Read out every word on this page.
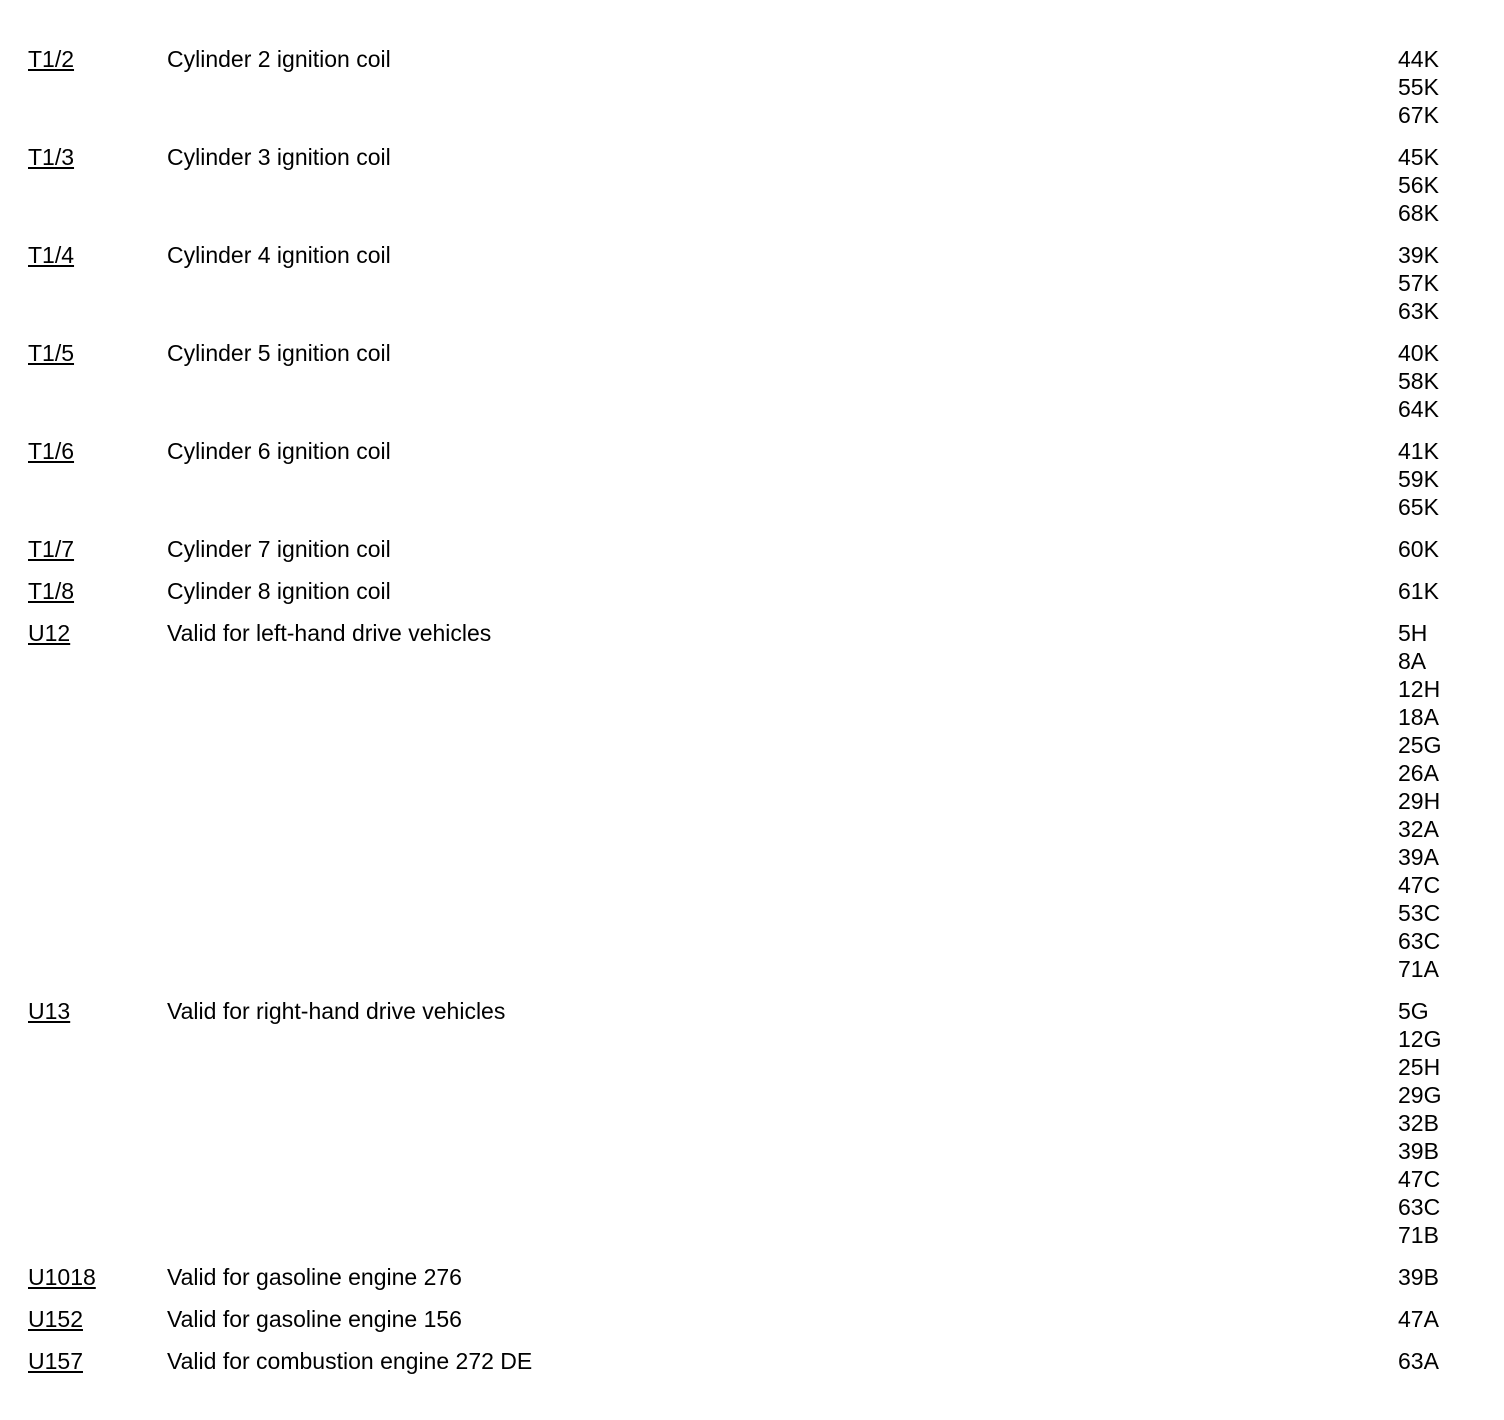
T1/2	Cylinder 2 ignition coil	44K
55K
67K
T1/3	Cylinder 3 ignition coil	45K
56K
68K
T1/4	Cylinder 4 ignition coil	39K
57K
63K
T1/5	Cylinder 5 ignition coil	40K
58K
64K
T1/6	Cylinder 6 ignition coil	41K
59K
65K
T1/7	Cylinder 7 ignition coil	60K
T1/8	Cylinder 8 ignition coil	61K
U12	Valid for left-hand drive vehicles	5H
8A
12H
18A
25G
26A
29H
32A
39A
47C
53C
63C
71A
U13	Valid for right-hand drive vehicles	5G
12G
25H
29G
32B
39B
47C
63C
71B
U1018	Valid for gasoline engine 276	39B
U152	Valid for gasoline engine 156	47A
U157	Valid for combustion engine 272 DE	63A
